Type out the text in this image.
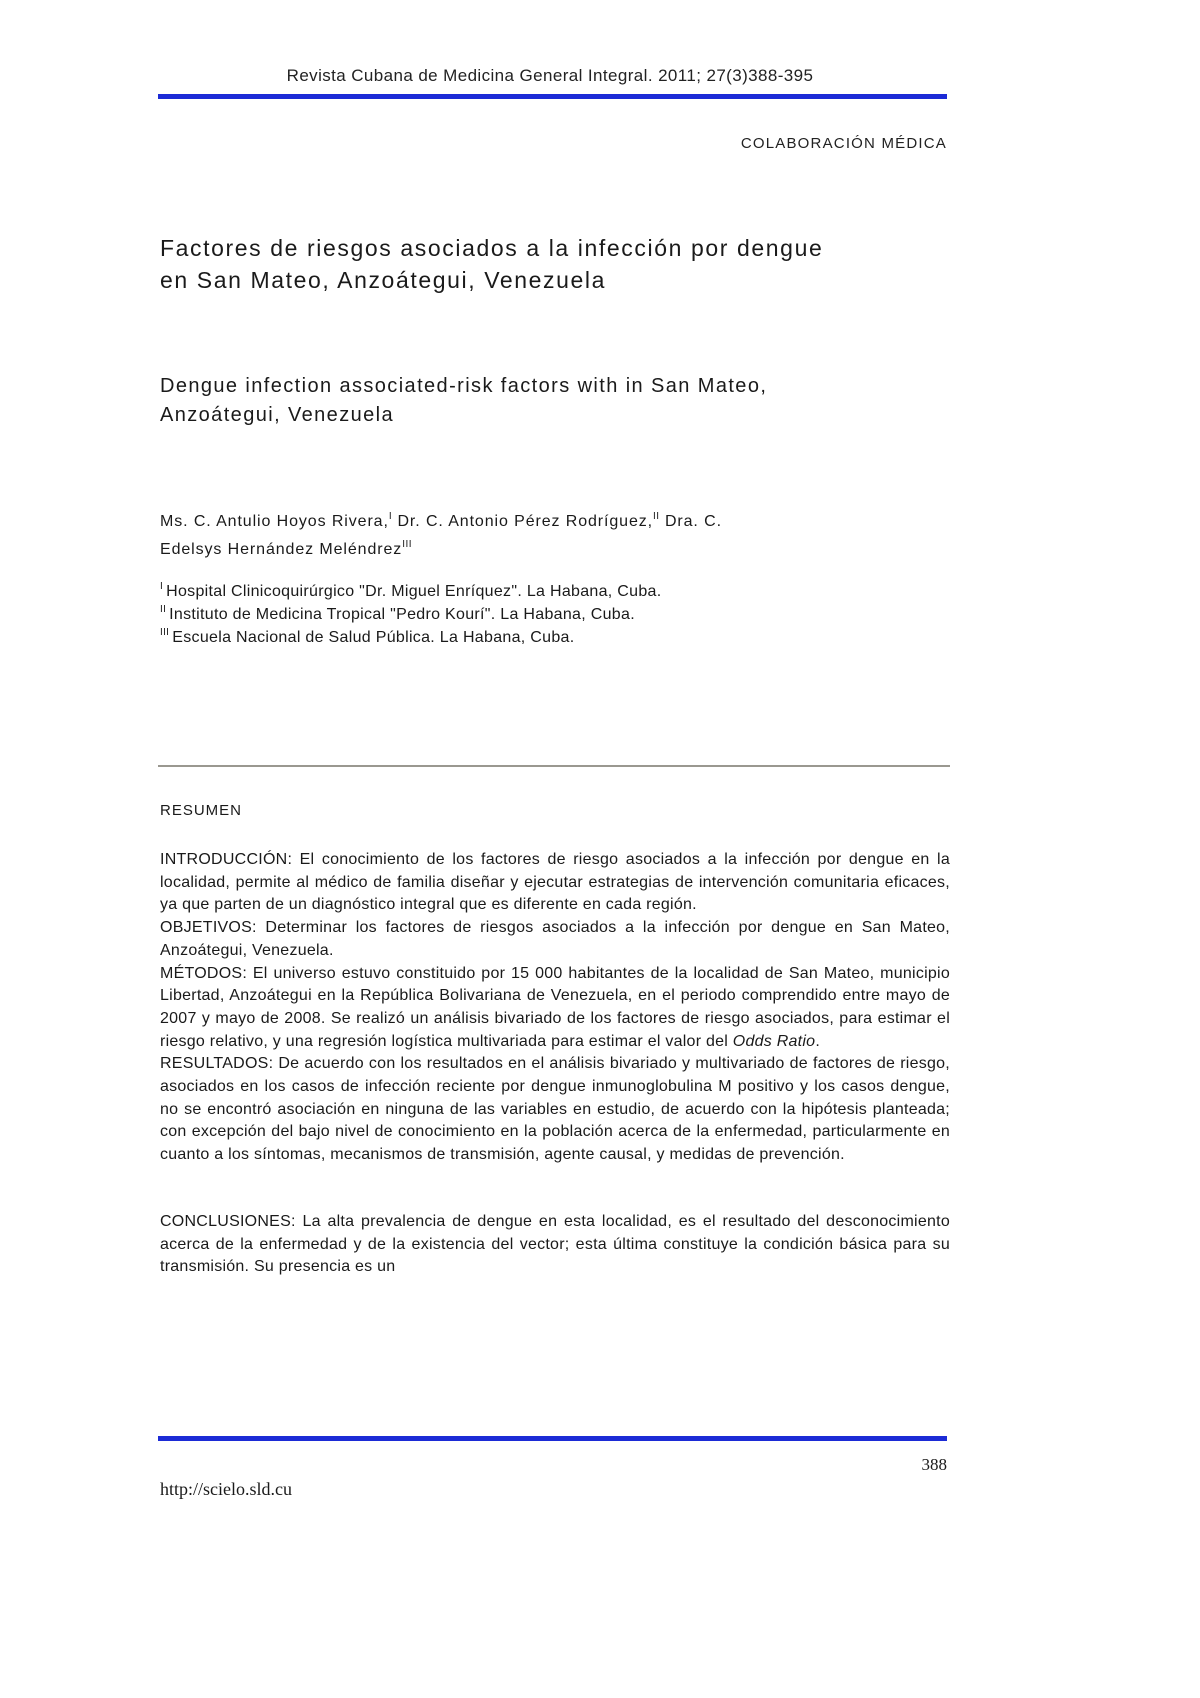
Revista Cubana de Medicina General Integral. 2011; 27(3)388-395
COLABORACIÓN MÉDICA
Factores de riesgos asociados a la infección por dengue
en San Mateo, Anzoátegui, Venezuela
Dengue infection associated-risk factors with in San Mateo,
Anzoátegui, Venezuela
Ms. C. Antulio Hoyos Rivera,$^I$ Dr. C. Antonio Pérez Rodríguez,$^{II}$ Dra. C.
Edelsys Hernández Meléndrez$^{III}$
$^I$ Hospital Clinicoquirúrgico "Dr. Miguel Enríquez". La Habana, Cuba.
$^{II}$ Instituto de Medicina Tropical "Pedro Kourí". La Habana, Cuba.
$^{III}$ Escuela Nacional de Salud Pública. La Habana, Cuba.
RESUMEN

INTRODUCCIÓN: El conocimiento de los factores de riesgo asociados a la infección por dengue en la localidad, permite al médico de familia diseñar y ejecutar estrategias de intervención comunitaria eficaces, ya que parten de un diagnóstico integral que es diferente en cada región.

OBJETIVOS: Determinar los factores de riesgos asociados a la infección por dengue en San Mateo, Anzoátegui, Venezuela.

MÉTODOS: El universo estuvo constituido por 15 000 habitantes de la localidad de San Mateo, municipio Libertad, Anzoátegui en la República Bolivariana de Venezuela, en el periodo comprendido entre mayo de 2007 y mayo de 2008. Se realizó un análisis bivariado de los factores de riesgo asociados, para estimar el riesgo relativo, y una regresión logística multivariada para estimar el valor del Odds Ratio.

RESULTADOS: De acuerdo con los resultados en el análisis bivariado y multivariado de factores de riesgo, asociados en los casos de infección reciente por dengue inmunoglobulina M positivo y los casos dengue, no se encontró asociación en ninguna de las variables en estudio, de acuerdo con la hipótesis planteada; con excepción del bajo nivel de conocimiento en la población acerca de la enfermedad, particularmente en cuanto a los síntomas, mecanismos de transmisión, agente causal, y medidas de prevención.

CONCLUSIONES: La alta prevalencia de dengue en esta localidad, es el resultado del desconocimiento acerca de la enfermedad y de la existencia del vector; esta última constituye la condición básica para su transmisión. Su presencia es un

388
http://scielo.sld.cu
